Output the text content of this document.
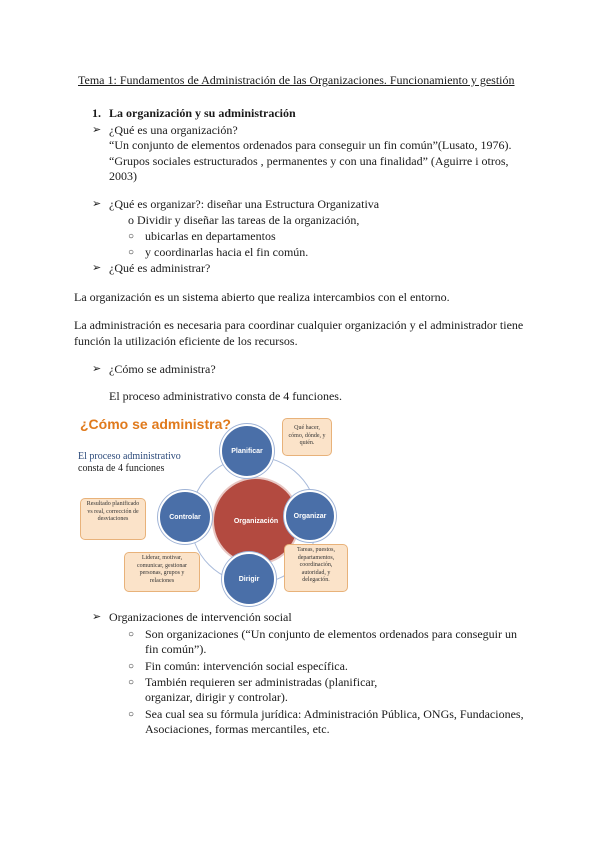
Tema 1: Fundamentos de Administración de las Organizaciones. Funcionamiento y gestión
1. La organización y su administración
➢ ¿Qué es una organización?
“Un conjunto de elementos ordenados para conseguir un fin común”(Lusato, 1976).
“Grupos sociales estructurados , permanentes y con una finalidad” (Aguirre i otros,
2003)
➢ ¿Qué es organizar?: diseñar una Estructura Organizativa
o Dividir y diseñar las tareas de la organización,
○ ubicarlas en departamentos
○ y coordinarlas hacia el fin común.
➢ ¿Qué es administrar?
La organización es un sistema abierto que realiza intercambios con el entorno.
La administración es necesaria para coordinar cualquier organización y el administrador tiene
función la utilización eficiente de los recursos.
➢ ¿Cómo se administra?
El proceso administrativo consta de 4 funciones.
¿Cómo se administra?
El proceso administrativo
consta de 4 funciones
Organización
Planificar
Organizar
Dirigir
Controlar
Qué hacer, cómo, dónde, y quién.
Tareas, puestos, departamentos, coordinación, autoridad, y delegación.
Liderar, motivar, comunicar, gestionar personas, grupos y relaciones
Resultado planificado vs real, corrección de desviaciones
➢ Organizaciones de intervención social
○ Son organizaciones (“Un conjunto de elementos ordenados para conseguir un
fin común”).
○ Fin común: intervención social específica.
○ También requieren ser administradas (planificar,
organizar, dirigir y controlar).
○ Sea cual sea su fórmula jurídica: Administración Pública, ONGs, Fundaciones,
Asociaciones, formas mercantiles, etc.
